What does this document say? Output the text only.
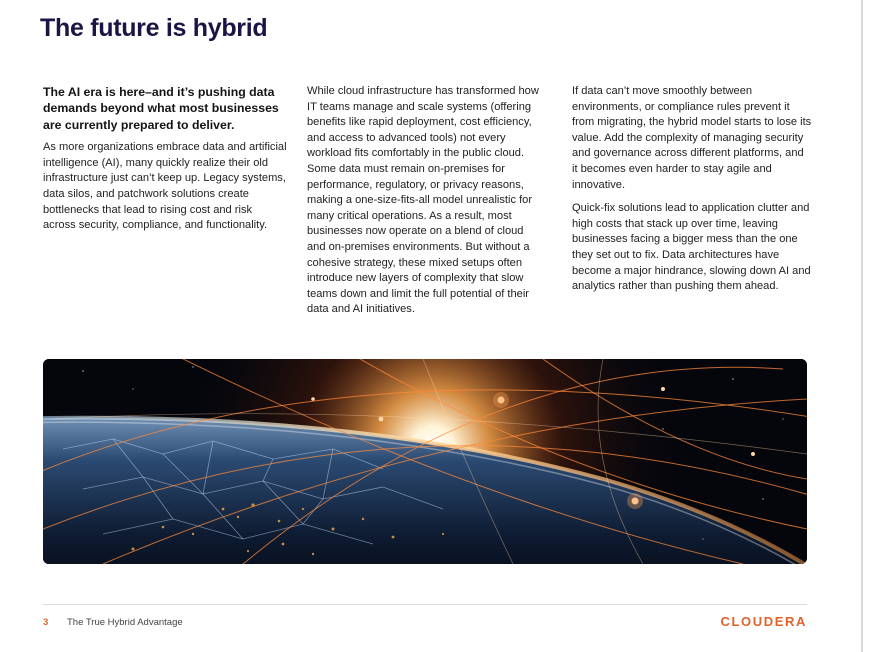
The future is hybrid

The AI era is here–and it’s pushing data demands beyond what most businesses are currently prepared to deliver.

As more organizations embrace data and artificial intelligence (AI), many quickly realize their old infrastructure just can’t keep up. Legacy systems, data silos, and patchwork solutions create bottlenecks that lead to rising cost and risk across security, compliance, and functionality.

While cloud infrastructure has transformed how IT teams manage and scale systems (offering benefits like rapid deployment, cost efficiency, and access to advanced tools) not every workload fits comfortably in the public cloud. Some data must remain on-premises for performance, regulatory, or privacy reasons, making a one-size-fits-all model unrealistic for many critical operations. As a result, most businesses now operate on a blend of cloud and on-premises environments. But without a cohesive strategy, these mixed setups often introduce new layers of complexity that slow teams down and limit the full potential of their data and AI initiatives.

If data can’t move smoothly between environments, or compliance rules prevent it from migrating, the hybrid model starts to lose its value. Add the complexity of managing security and governance across different platforms, and it becomes even harder to stay agile and innovative.

Quick-fix solutions lead to application clutter and high costs that stack up over time, leaving businesses facing a bigger mess than the one they set out to fix. Data architectures have become a major hindrance, slowing down AI and analytics rather than pushing them ahead.

3 The True Hybrid Advantage	CLOUDERA
